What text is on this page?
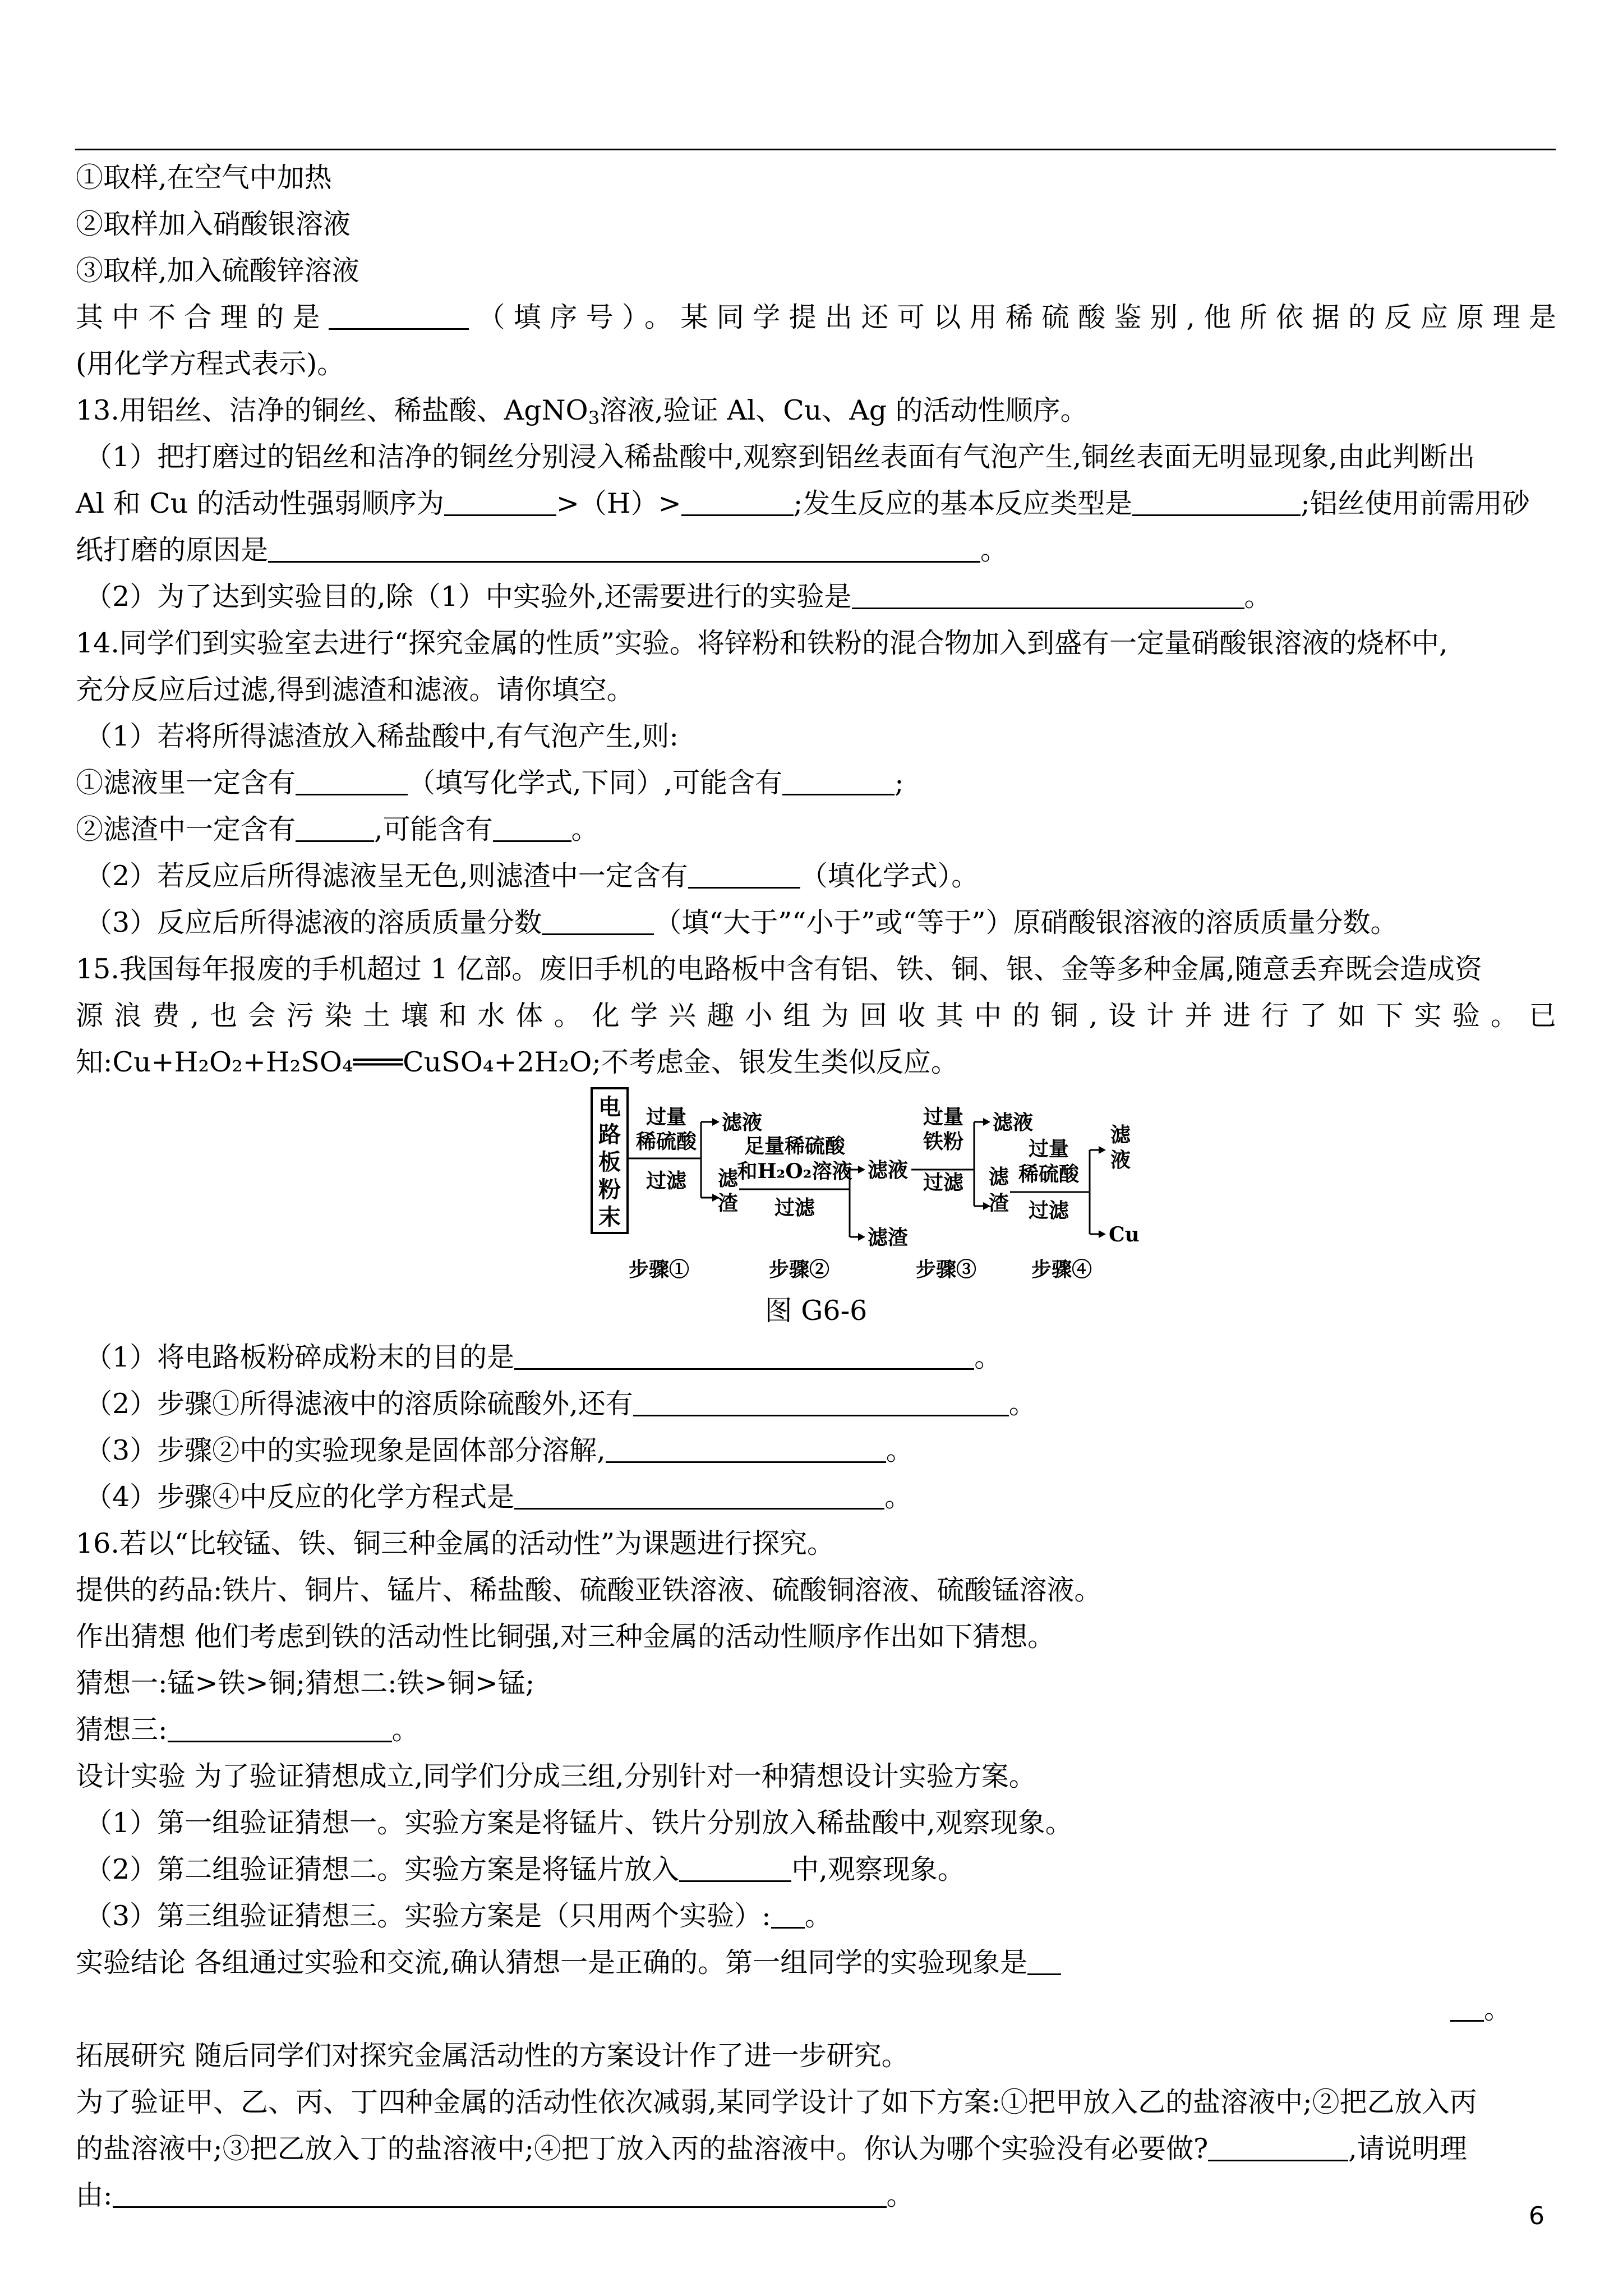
①取样,在空气中加热
②取样加入硝酸银溶液
③取样,加入硫酸锌溶液
其中不合理的是	（填序号）。某同学提出还可以用稀硫酸鉴别,他所依据的反应原理是
(用化学方程式表示)。
13.用铝丝、洁净的铜丝、稀盐酸、AgNO$_3$溶液,验证 Al、Cu、Ag 的活动性顺序。
（1）把打磨过的铝丝和洁净的铜丝分别浸入稀盐酸中,观察到铝丝表面有气泡产生,铜丝表面无明显现象,由此判断出
Al 和 Cu 的活动性强弱顺序为	>（H）>	;发生反应的基本反应类型是	;铝丝使用前需用砂
纸打磨的原因是	。
（2）为了达到实验目的,除（1）中实验外,还需要进行的实验是	。
14.同学们到实验室去进行“探究金属的性质”实验。将锌粉和铁粉的混合物加入到盛有一定量硝酸银溶液的烧杯中,
充分反应后过滤,得到滤渣和滤液。请你填空。
（1）若将所得滤渣放入稀盐酸中,有气泡产生,则:
①滤液里一定含有	（填写化学式,下同）,可能含有	;
②滤渣中一定含有	,可能含有	。
（2）若反应后所得滤液呈无色,则滤渣中一定含有	（填化学式）。
（3）反应后所得滤液的溶质质量分数	（填“大于”“小于”或“等于”）原硝酸银溶液的溶质质量分数。
15.我国每年报废的手机超过 1 亿部。废旧手机的电路板中含有铝、铁、铜、银、金等多种金属,随意丢弃既会造成资
源浪费,也会污染土壤和水体。化学兴趣小组为回收其中的铜,设计并进行了如下实验。已
知:Cu+H₂O₂+H₂SO₄═══CuSO₄+2H₂O;不考虑金、银发生类似反应。
电
路
板
粉
末
过量
稀硫酸
过滤
滤液
滤
渣
足量稀硫酸
和H₂O₂溶液
过滤
滤液
滤渣
过量
铁粉
过滤
滤液
滤
渣
过量
稀硫酸
过滤
滤
液
Cu
步骤①	步骤②	步骤③	步骤④
图 G6-6
（1）将电路板粉碎成粉末的目的是	。
（2）步骤①所得滤液中的溶质除硫酸外,还有	。
（3）步骤②中的实验现象是固体部分溶解,	。
（4）步骤④中反应的化学方程式是	。
16.若以“比较锰、铁、铜三种金属的活动性”为课题进行探究。
提供的药品:铁片、铜片、锰片、稀盐酸、硫酸亚铁溶液、硫酸铜溶液、硫酸锰溶液。
作出猜想 他们考虑到铁的活动性比铜强,对三种金属的活动性顺序作出如下猜想。
猜想一:锰>铁>铜;猜想二:铁>铜>锰;
猜想三:	。
设计实验 为了验证猜想成立,同学们分成三组,分别针对一种猜想设计实验方案。
（1）第一组验证猜想一。实验方案是将锰片、铁片分别放入稀盐酸中,观察现象。
（2）第二组验证猜想二。实验方案是将锰片放入	中,观察现象。
（3）第三组验证猜想三。实验方案是（只用两个实验）: 。
实验结论 各组通过实验和交流,确认猜想一是正确的。第一组同学的实验现象是
。
拓展研究 随后同学们对探究金属活动性的方案设计作了进一步研究。
为了验证甲、乙、丙、丁四种金属的活动性依次减弱,某同学设计了如下方案:①把甲放入乙的盐溶液中;②把乙放入丙
的盐溶液中;③把乙放入丁的盐溶液中;④把丁放入丙的盐溶液中。你认为哪个实验没有必要做?	,请说明理
由:	。
6
